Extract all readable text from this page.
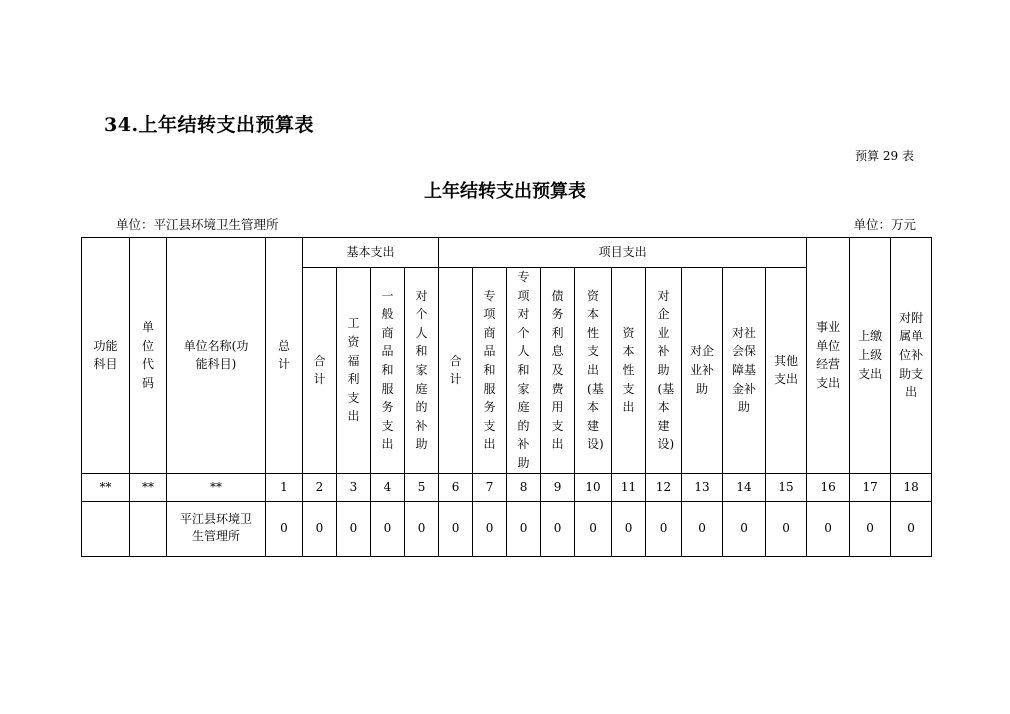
34.上年结转支出预算表
预算 29 表
上年结转支出预算表
单位：平江县环境卫生管理所	单位：万元
功能科目	单位代码	单位名称(功能科目)	总计	基本支出				项目支出										事业单位经营支出	上缴上级支出	对附属单位补助支出
				合计	工资福利支出	一般商品和服务支出	对个人和家庭的补助	合计	专项商品和服务支出	专项对个人和家庭的补助	债务利息及费用支出	资本性支出(基本建设)	资本性支出	对企业补助(基本建设)	对企业补助	对社会保障基金补助	其他支出			
**	**	**	1	2	3	4	5	6	7	8	9	10	11	12	13	14	15	16	17	18
		平江县环境卫生管理所	0	0	0	0	0	0	0	0	0	0	0	0	0	0	0	0	0	0
